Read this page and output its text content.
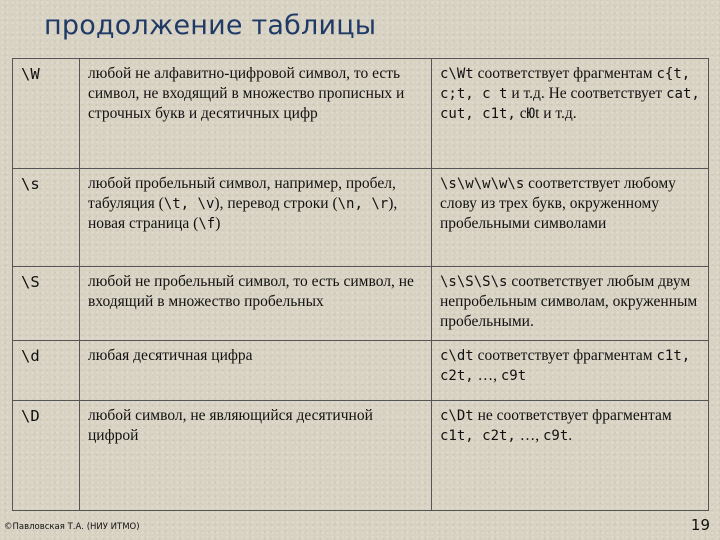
продолжение таблицы
\W	любой не алфавитно-цифровой символ, то есть символ, не входящий в множество прописных и строчных букв и десятичных цифр	c\Wt соответствует фрагментам c{t, c;t, c t и т.д. Не соответствует cat, cut, c1t, cЮt и т.д.
\s	любой пробельный символ, например, пробел, табуляция (\t, \v), перевод строки (\n, \r), новая страница (\f)	\s\w\w\w\s соответствует любому слову из трех букв, окруженному пробельными символами
\S	любой не пробельный символ, то есть символ, не входящий в множество пробельных	\s\S\S\s соответствует любым двум непробельным символам, окруженным пробельными.
\d	любая десятичная цифра	c\dt соответствует фрагментам c1t, c2t, …, c9t
\D	любой символ, не являющийся десятичной цифрой	c\Dt не соответствует фрагментам c1t, c2t, …, c9t.
©Павловская Т.А. (НИУ ИТМО)	19
